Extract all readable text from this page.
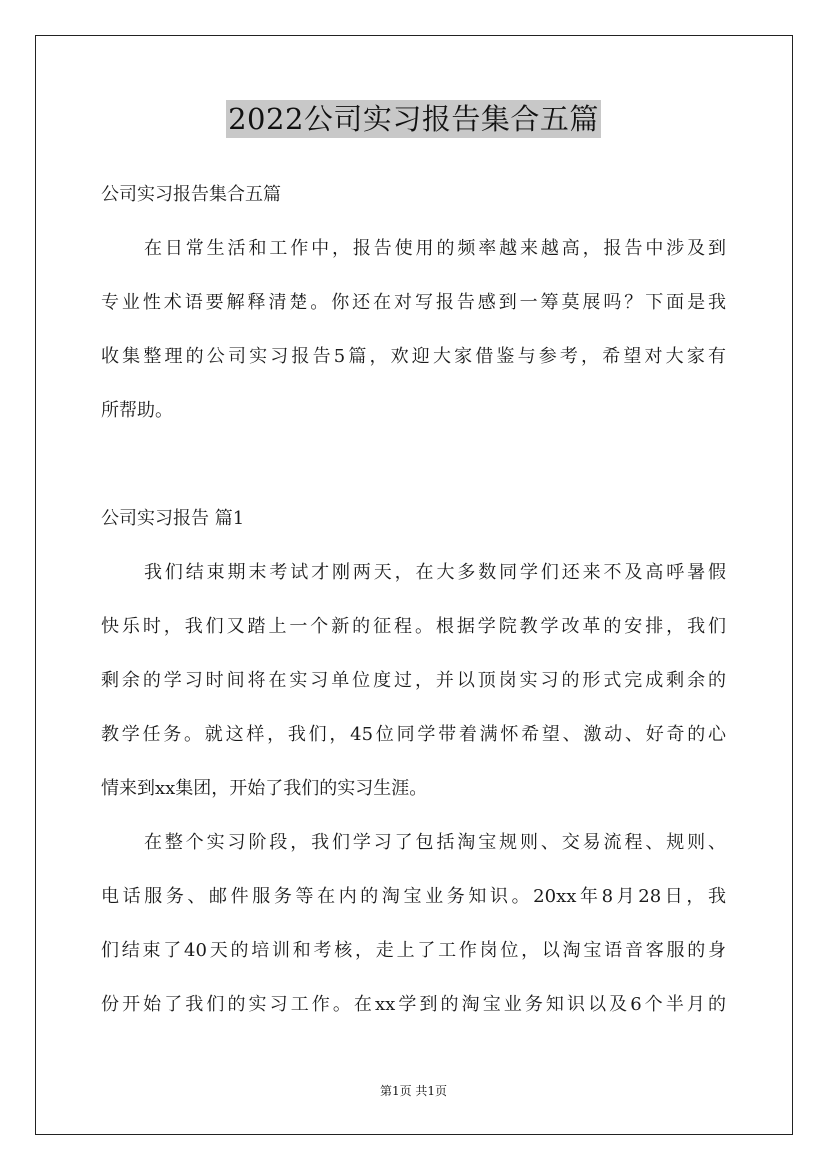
2022公司实习报告集合五篇
公司实习报告集合五篇
在日常生活和工作中，报告使用的频率越来越高，报告中涉及到
专业性术语要解释清楚。你还在对写报告感到一筹莫展吗？下面是我
收集整理的公司实习报告5篇，欢迎大家借鉴与参考，希望对大家有
所帮助。
公司实习报告 篇1
我们结束期末考试才刚两天，在大多数同学们还来不及高呼暑假
快乐时，我们又踏上一个新的征程。根据学院教学改革的安排，我们
剩余的学习时间将在实习单位度过，并以顶岗实习的形式完成剩余的
教学任务。就这样，我们，45位同学带着满怀希望、激动、好奇的心
情来到xx集团，开始了我们的实习生涯。
在整个实习阶段，我们学习了包括淘宝规则、交易流程、规则、
电话服务、邮件服务等在内的淘宝业务知识。20xx年8月28日，我
们结束了40天的培训和考核，走上了工作岗位，以淘宝语音客服的身
份开始了我们的实习工作。在xx学到的淘宝业务知识以及6个半月的
第1页 共1页
